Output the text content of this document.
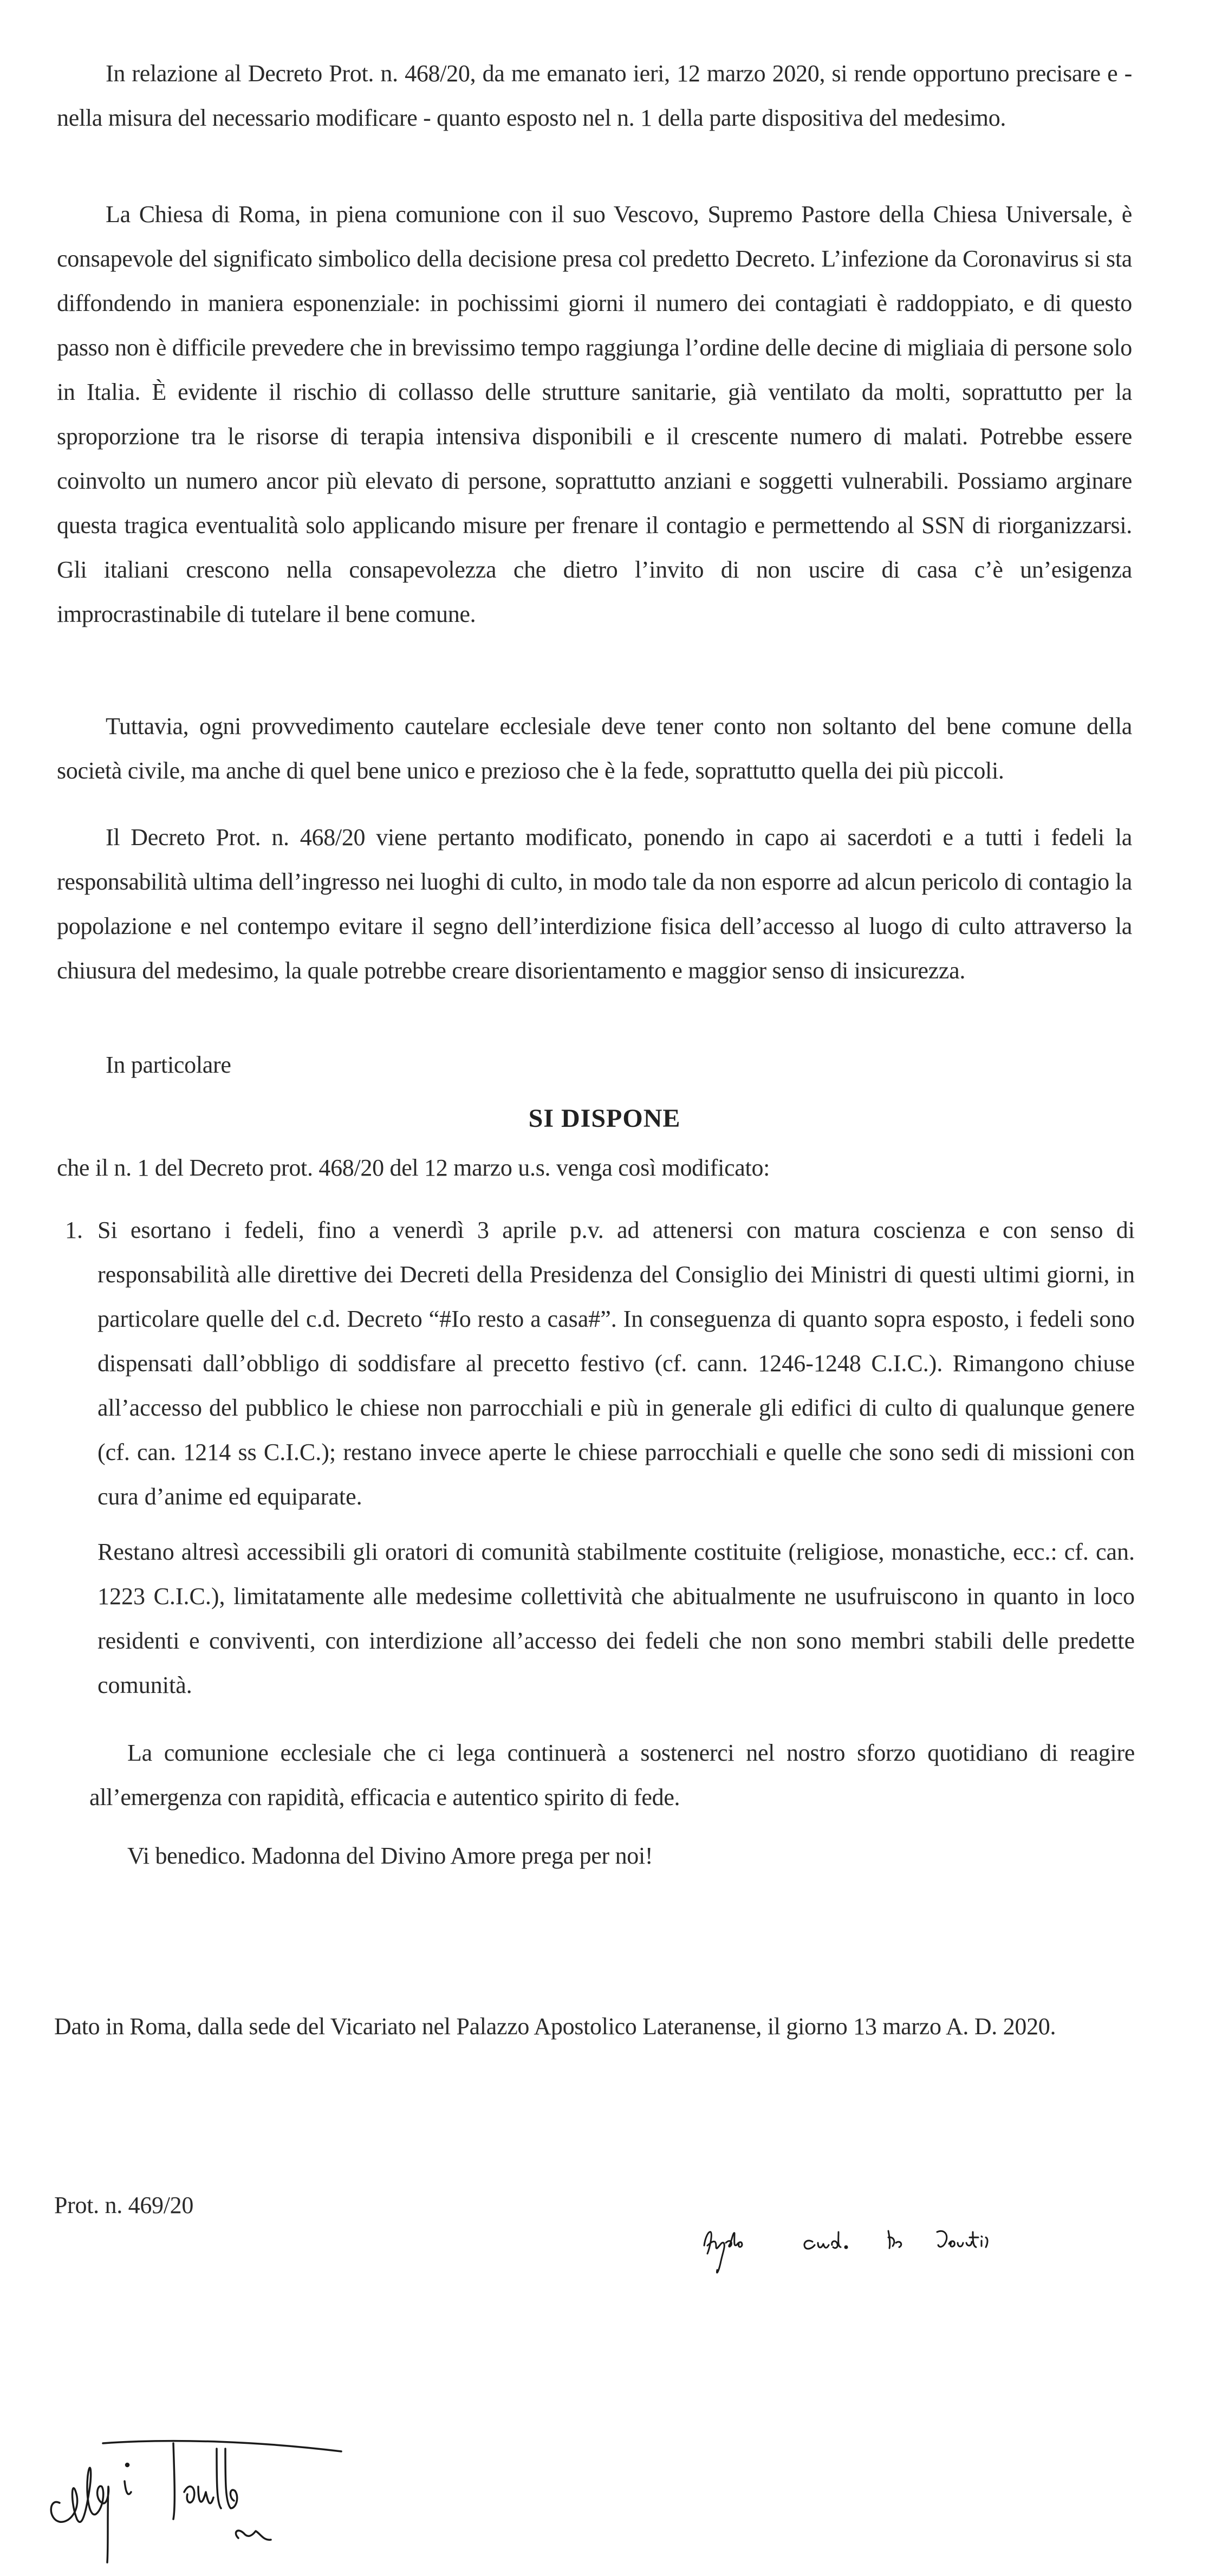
In relazione al Decreto Prot. n. 468/20, da me emanato ieri, 12 marzo 2020, si rende opportuno precisare e - nella misura del necessario modificare - quanto esposto nel n. 1 della parte dispositiva del medesimo.

La Chiesa di Roma, in piena comunione con il suo Vescovo, Supremo Pastore della Chiesa Universale, è consapevole del significato simbolico della decisione presa col predetto Decreto. L’infezione da Coronavirus si sta diffondendo in maniera esponenziale: in pochissimi giorni il numero dei contagiati è raddoppiato, e di questo passo non è difficile prevedere che in brevissimo tempo raggiunga l’ordine delle decine di migliaia di persone solo in Italia. È evidente il rischio di collasso delle strutture sanitarie, già ventilato da molti, soprattutto per la sproporzione tra le risorse di terapia intensiva disponibili e il crescente numero di malati. Potrebbe essere coinvolto un numero ancor più elevato di persone, soprattutto anziani e soggetti vulnerabili. Possiamo arginare questa tragica eventualità solo applicando misure per frenare il contagio e permettendo al SSN di riorganizzarsi. Gli italiani crescono nella consapevolezza che dietro l’invito di non uscire di casa c’è un’esigenza improcrastinabile di tutelare il bene comune.

Tuttavia, ogni provvedimento cautelare ecclesiale deve tener conto non soltanto del bene comune della società civile, ma anche di quel bene unico e prezioso che è la fede, soprattutto quella dei più piccoli.

Il Decreto Prot. n. 468/20 viene pertanto modificato, ponendo in capo ai sacerdoti e a tutti i fedeli la responsabilità ultima dell’ingresso nei luoghi di culto, in modo tale da non esporre ad alcun pericolo di contagio la popolazione e nel contempo evitare il segno dell’interdizione fisica dell’accesso al luogo di culto attraverso la chiusura del medesimo, la quale potrebbe creare disorientamento e maggior senso di insicurezza.

In particolare

SI DISPONE
che il n. 1 del Decreto prot. 468/20 del 12 marzo u.s. venga così modificato:
1. Si esortano i fedeli, fino a venerdì 3 aprile p.v. ad attenersi con matura coscienza e con senso di responsabilità alle direttive dei Decreti della Presidenza del Consiglio dei Ministri di questi ultimi giorni, in particolare quelle del c.d. Decreto “#Io resto a casa#”. In conseguenza di quanto sopra esposto, i fedeli sono dispensati dall’obbligo di soddisfare al precetto festivo (cf. cann. 1246-1248 C.I.C.). Rimangono chiuse all’accesso del pubblico le chiese non parrocchiali e più in generale gli edifici di culto di qualunque genere (cf. can. 1214 ss C.I.C.); restano invece aperte le chiese parrocchiali e quelle che sono sedi di missioni con cura d’anime ed equiparate.

Restano altresì accessibili gli oratori di comunità stabilmente costituite (religiose, monastiche, ecc.: cf. can. 1223 C.I.C.), limitatamente alle medesime collettività che abitualmente ne usufruiscono in quanto in loco residenti e conviventi, con interdizione all’accesso dei fedeli che non sono membri stabili delle predette comunità.

La comunione ecclesiale che ci lega continuerà a sostenerci nel nostro sforzo quotidiano di reagire all’emergenza con rapidità, efficacia e autentico spirito di fede.

Vi benedico. Madonna del Divino Amore prega per noi!

Dato in Roma, dalla sede del Vicariato nel Palazzo Apostolico Lateranense, il giorno 13 marzo A. D. 2020.

Prot. n. 469/20
